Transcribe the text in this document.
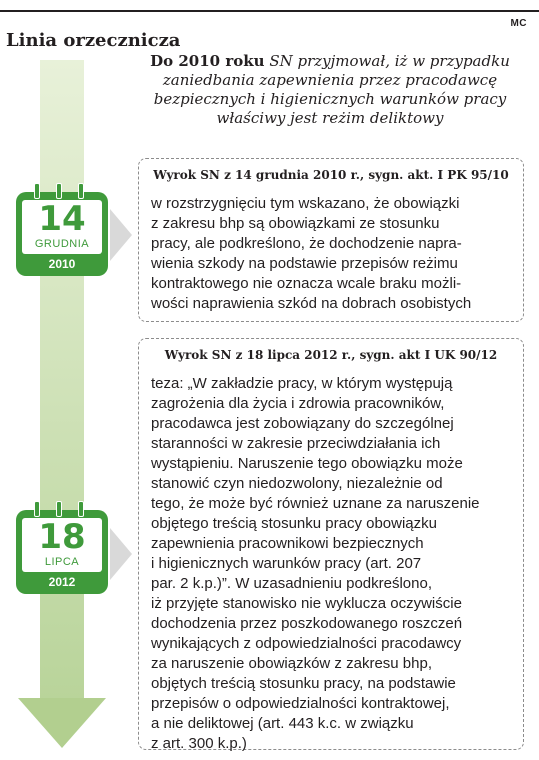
MC
Linia orzecznicza
Do 2010 roku SN przyjmował, iż w przypadku zaniedbania zapewnienia przez pracodawcę bezpiecznych i higienicznych warunków pracy właściwy jest reżim deliktowy
14
GRUDNIA
2010
Wyrok SN z 14 grudnia 2010 r., sygn. akt. I PK 95/10
w rozstrzygnięciu tym wskazano, że obowiązki
z zakresu bhp są obowiązkami ze stosunku
pracy, ale podkreślono, że dochodzenie napra-
wienia szkody na podstawie przepisów reżimu
kontraktowego nie oznacza wcale braku możli-
wości naprawienia szkód na dobrach osobistych
18
LIPCA
2012
Wyrok SN z 18 lipca 2012 r., sygn. akt I UK 90/12
teza: „W zakładzie pracy, w którym występują
zagrożenia dla życia i zdrowia pracowników,
pracodawca jest zobowiązany do szczególnej
staranności w zakresie przeciwdziałania ich
wystąpieniu. Naruszenie tego obowiązku może
stanowić czyn niedozwolony, niezależnie od
tego, że może być również uznane za naruszenie
objętego treścią stosunku pracy obowiązku
zapewnienia pracownikowi bezpiecznych
i higienicznych warunków pracy (art. 207
par. 2 k.p.)”. W uzasadnieniu podkreślono,
iż przyjęte stanowisko nie wyklucza oczywiście
dochodzenia przez poszkodowanego roszczeń
wynikających z odpowiedzialności pracodawcy
za naruszenie obowiązków z zakresu bhp,
objętych treścią stosunku pracy, na podstawie
przepisów o odpowiedzialności kontraktowej,
a nie deliktowej (art. 443 k.c. w związku
z art. 300 k.p.)
